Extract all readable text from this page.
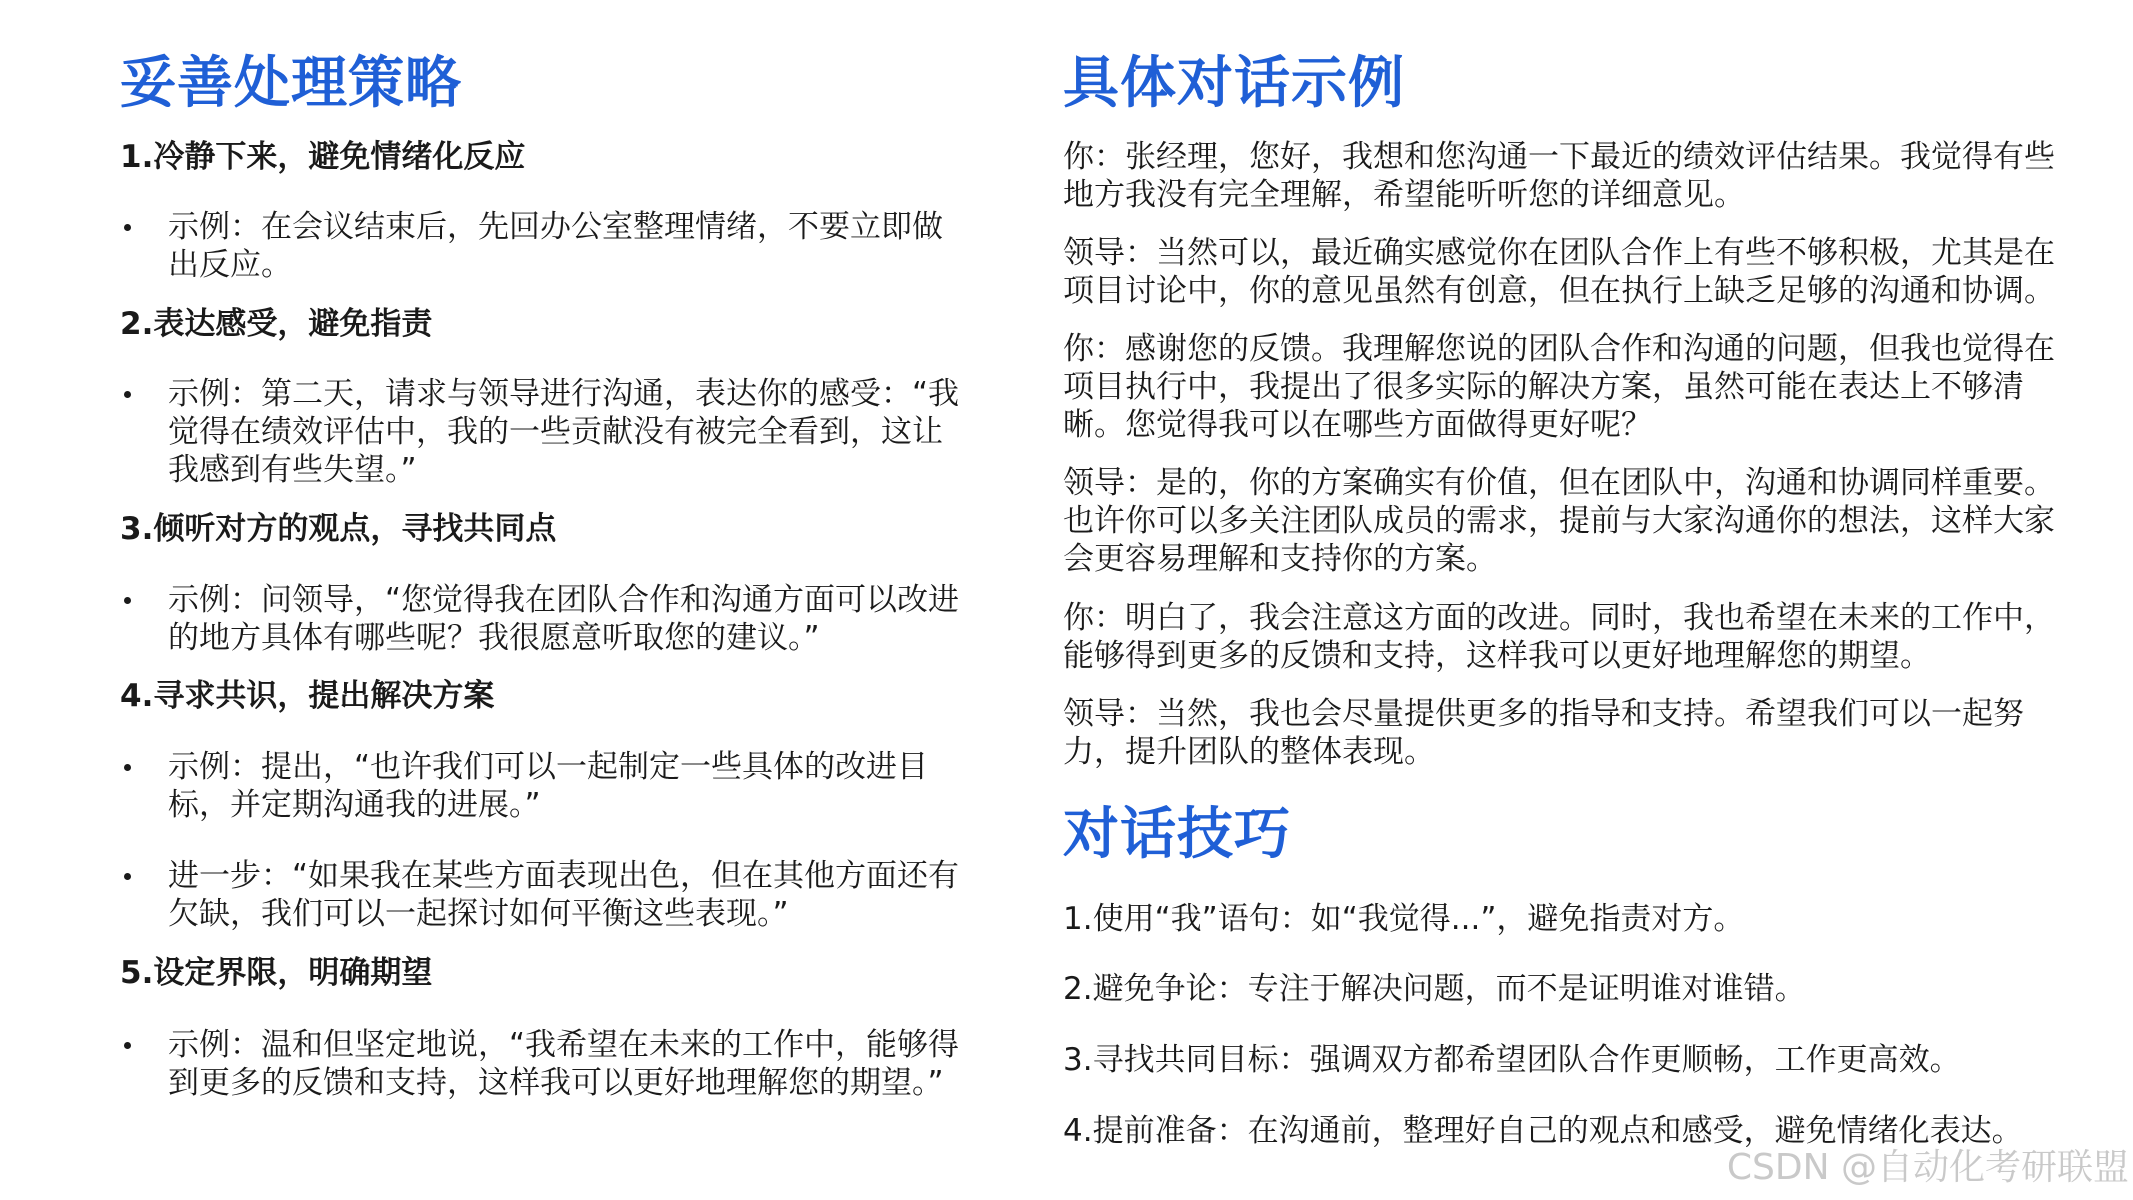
妥善处理策略
1.冷静下来，避免情绪化反应
示例：在会议结束后，先回办公室整理情绪，不要立即做出反应。
2.表达感受，避免指责
示例：第二天，请求与领导进行沟通，表达你的感受：“我觉得在绩效评估中，我的一些贡献没有被完全看到，这让我感到有些失望。”
3.倾听对方的观点，寻找共同点
示例：问领导，“您觉得我在团队合作和沟通方面可以改进的地方具体有哪些呢？我很愿意听取您的建议。”
4.寻求共识，提出解决方案
示例：提出，“也许我们可以一起制定一些具体的改进目标，并定期沟通我的进展。”
进一步：“如果我在某些方面表现出色，但在其他方面还有欠缺，我们可以一起探讨如何平衡这些表现。”
5.设定界限，明确期望
示例：温和但坚定地说，“我希望在未来的工作中，能够得到更多的反馈和支持，这样我可以更好地理解您的期望。”
具体对话示例

你：张经理，您好，我想和您沟通一下最近的绩效评估结果。我觉得有些地方我没有完全理解，希望能听听您的详细意见。

领导：当然可以，最近确实感觉你在团队合作上有些不够积极，尤其是在项目讨论中，你的意见虽然有创意，但在执行上缺乏足够的沟通和协调。

你：感谢您的反馈。我理解您说的团队合作和沟通的问题，但我也觉得在项目执行中，我提出了很多实际的解决方案，虽然可能在表达上不够清晰。您觉得我可以在哪些方面做得更好呢？

领导：是的，你的方案确实有价值，但在团队中，沟通和协调同样重要。也许你可以多关注团队成员的需求，提前与大家沟通你的想法，这样大家会更容易理解和支持你的方案。

你：明白了，我会注意这方面的改进。同时，我也希望在未来的工作中，能够得到更多的反馈和支持，这样我可以更好地理解您的期望。

领导：当然，我也会尽量提供更多的指导和支持。希望我们可以一起努力，提升团队的整体表现。

对话技巧

1.使用“我”语句：如“我觉得...”，避免指责对方。

2.避免争论：专注于解决问题，而不是证明谁对谁错。

3.寻找共同目标：强调双方都希望团队合作更顺畅，工作更高效。

4.提前准备：在沟通前，整理好自己的观点和感受，避免情绪化表达。

CSDN @自动化考研联盟
